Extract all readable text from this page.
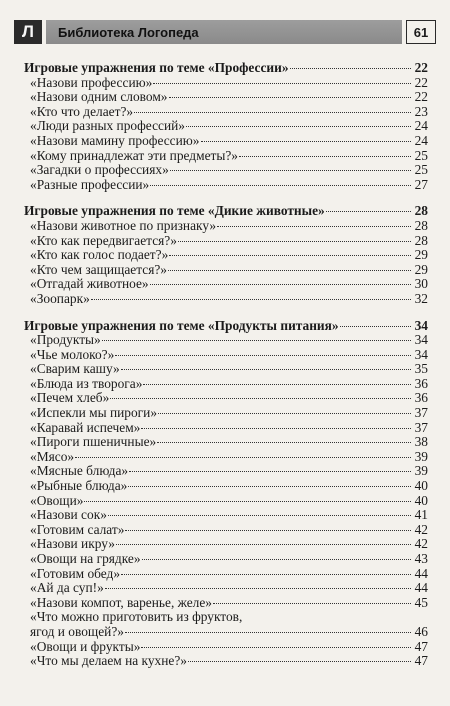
Л Библиотека Логопеда	61
Игровые упражнения по теме «Профессии»	22
«Назови профессию»	22
«Назови одним словом»	22
«Кто что делает?»	23
«Люди разных профессий»	24
«Назови мамину профессию»	24
«Кому принадлежат эти предметы?»	25
«Загадки о профессиях»	25
«Разные профессии»	27
Игровые упражнения по теме «Дикие животные»	28
«Назови животное по признаку»	28
«Кто как передвигается?»	28
«Кто как голос подает?»	29
«Кто чем защищается?»	29
«Отгадай животное»	30
«Зоопарк»	32
Игровые упражнения по теме «Продукты питания»	34
«Продукты»	34
«Чье молоко?»	34
«Сварим кашу»	35
«Блюда из творога»	36
«Печем хлеб»	36
«Испекли мы пироги»	37
«Каравай испечем»	37
«Пироги пшеничные»	38
«Мясо»	39
«Мясные блюда»	39
«Рыбные блюда»	40
«Овощи»	40
«Назови сок»	41
«Готовим салат»	42
«Назови икру»	42
«Овощи на грядке»	43
«Готовим обед»	44
«Ай да суп!»	44
«Назови компот, варенье, желе»	45
«Что можно приготовить из фруктов,
ягод и овощей?»	46
«Овощи и фрукты»	47
«Что мы делаем на кухне?»	47
